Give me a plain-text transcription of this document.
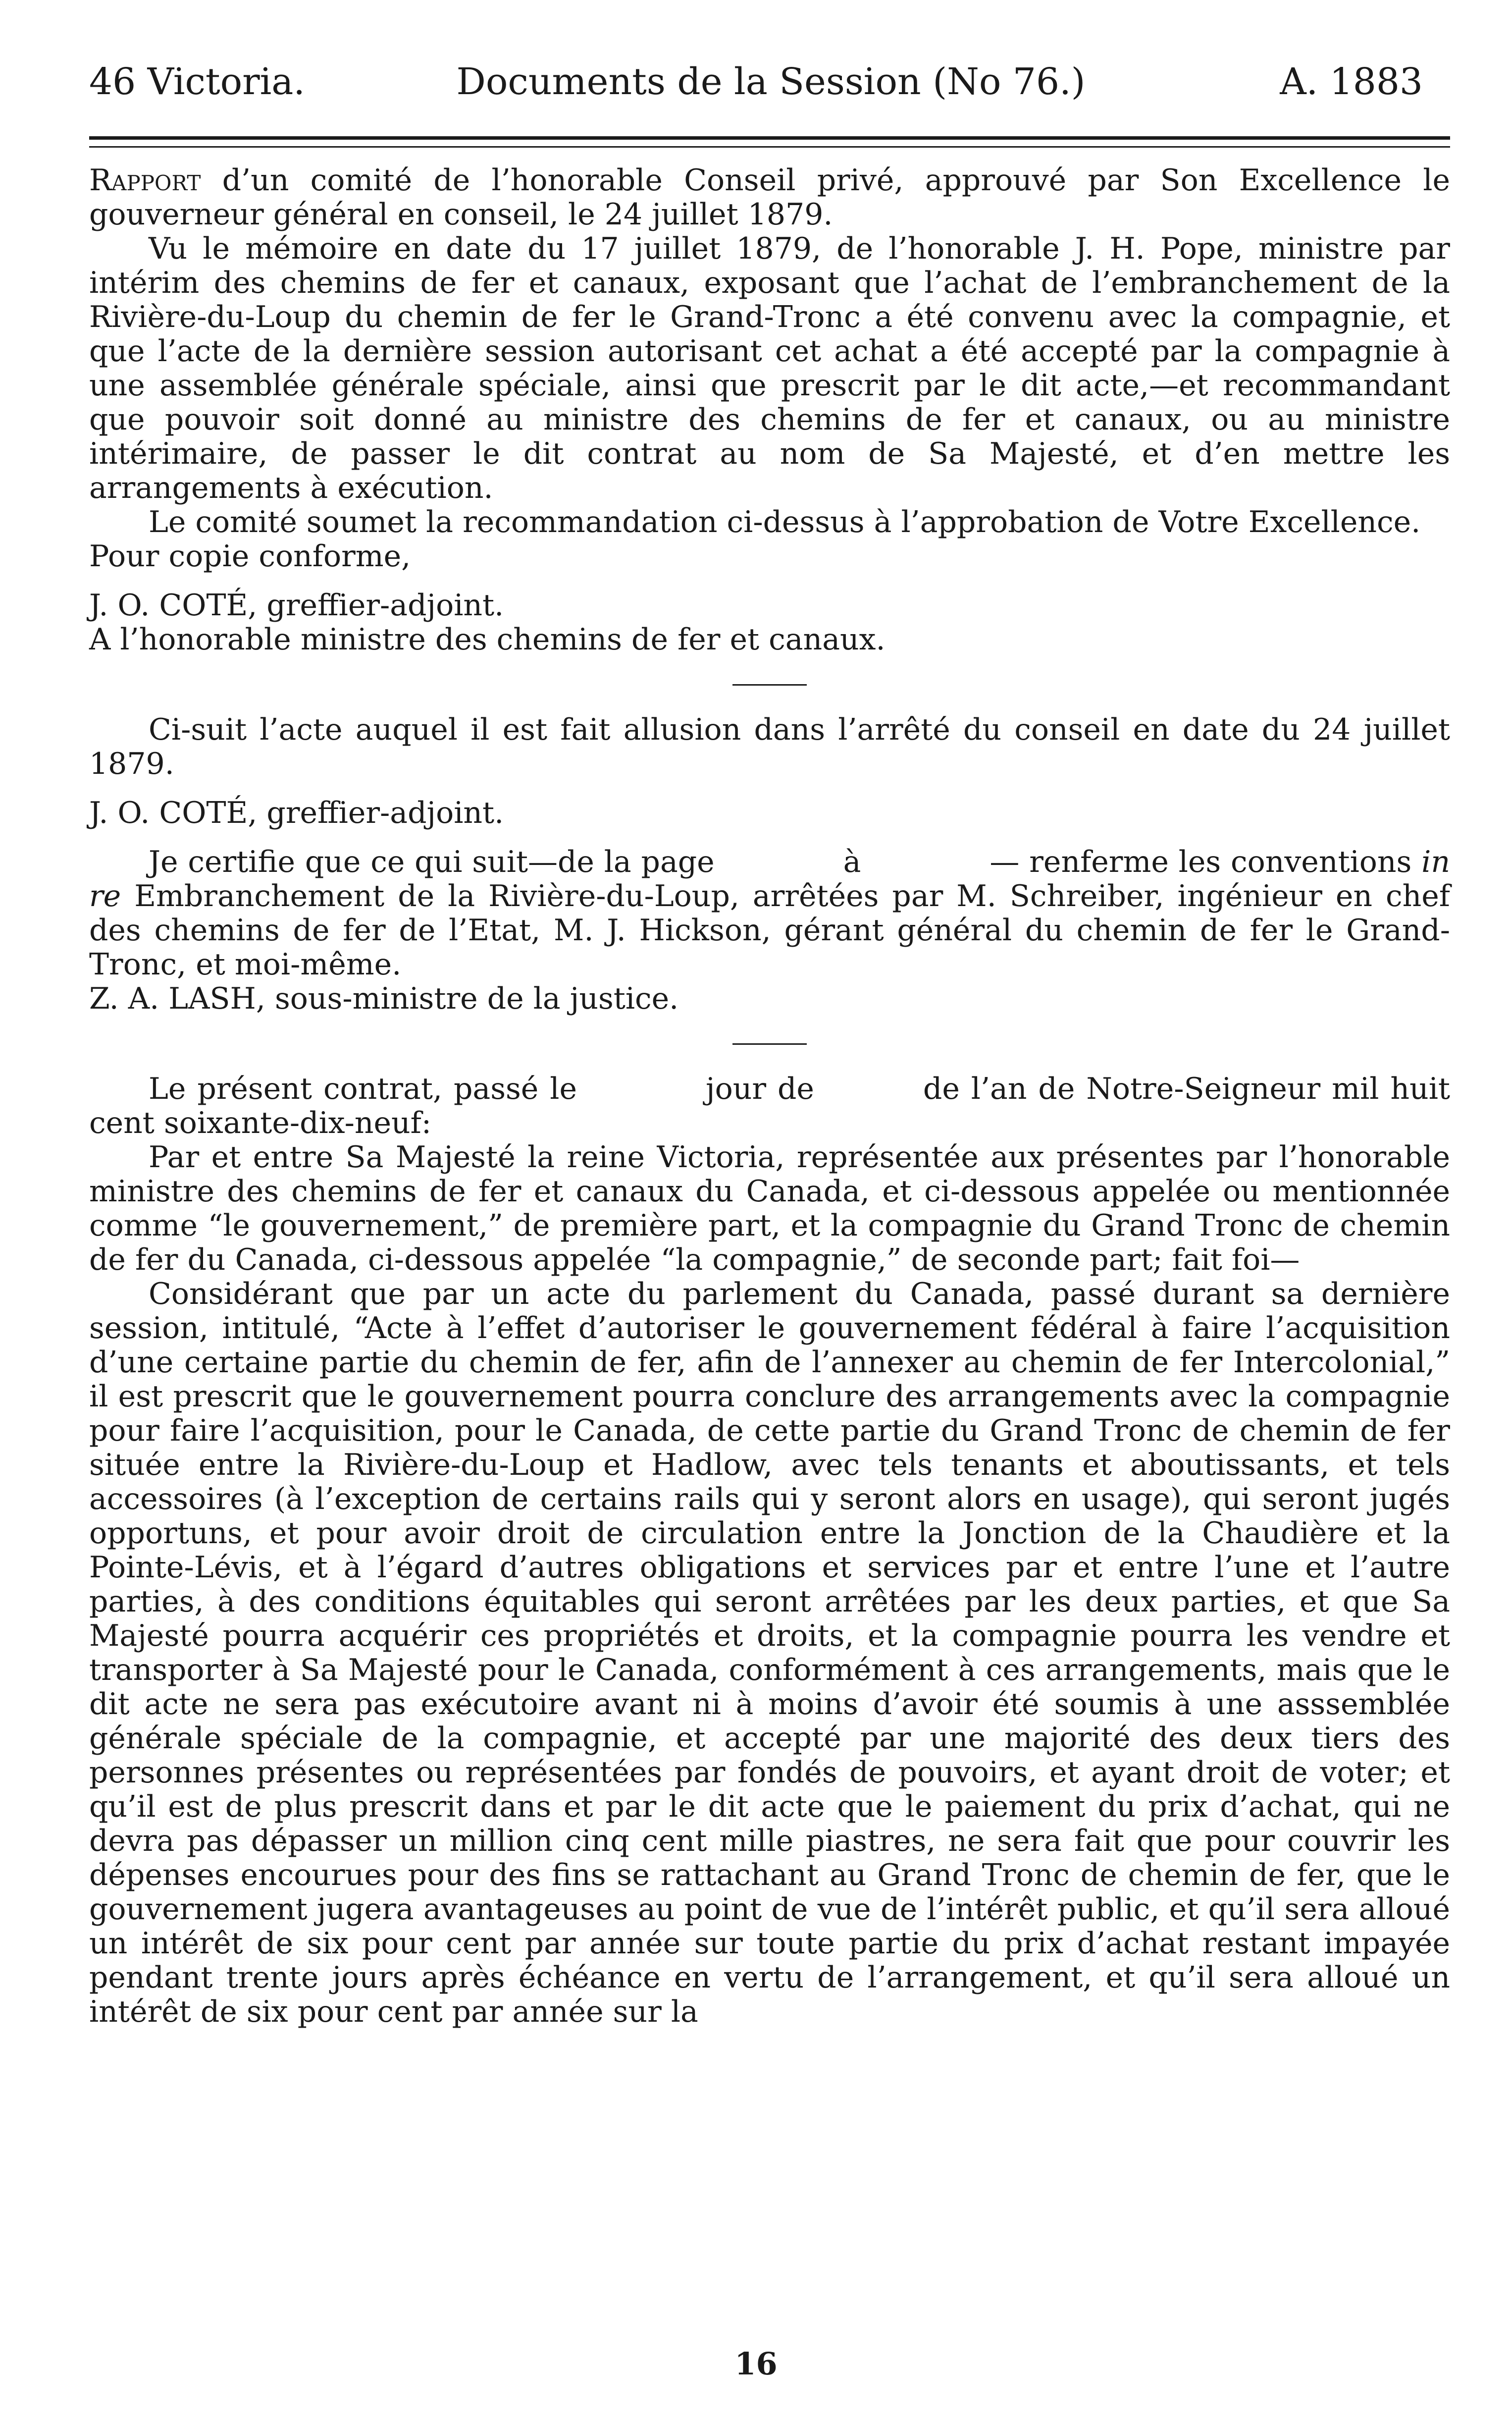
46 Victoria.	Documents de la Session (No 76.)	A. 1883

Rapport d’un comité de l’honorable Conseil privé, approuvé par Son Excellence le gouverneur général en conseil, le 24 juillet 1879.

Vu le mémoire en date du 17 juillet 1879, de l’honorable J. H. Pope, ministre par intérim des chemins de fer et canaux, exposant que l’achat de l’embranchement de la Rivière-du-Loup du chemin de fer le Grand-Tronc a été convenu avec la compagnie, et que l’acte de la dernière session autorisant cet achat a été accepté par la compagnie à une assemblée générale spéciale, ainsi que prescrit par le dit acte,—et recommandant que pouvoir soit donné au ministre des chemins de fer et canaux, ou au ministre intérimaire, de passer le dit contrat au nom de Sa Majesté, et d’en mettre les arrangements à exécution.

Le comité soumet la recommandation ci-dessus à l’approbation de Votre Excellence.

Pour copie conforme,

J. O. COTÉ, greffier-adjoint.

A l’honorable ministre des chemins de fer et canaux.

Ci-suit l’acte auquel il est fait allusion dans l’arrêté du conseil en date du 24 juillet 1879.

J. O. COTÉ, greffier-adjoint.

Je certifie que ce qui suit—de la page	à	— renferme les conventions in re Embranchement de la Rivière-du-Loup, arrêtées par M. Schreiber, ingénieur en chef des chemins de fer de l’Etat, M. J. Hickson, gérant général du chemin de fer le Grand-Tronc, et moi-même.

Z. A. LASH, sous-ministre de la justice.

Le présent contrat, passé le	jour de	de l’an de Notre-Seigneur mil huit cent soixante-dix-neuf:

Par et entre Sa Majesté la reine Victoria, représentée aux présentes par l’honorable ministre des chemins de fer et canaux du Canada, et ci-dessous appelée ou mentionnée comme “le gouvernement,” de première part, et la compagnie du Grand Tronc de chemin de fer du Canada, ci-dessous appelée “la compagnie,” de seconde part; fait foi—

Considérant que par un acte du parlement du Canada, passé durant sa dernière session, intitulé, “Acte à l’effet d’autoriser le gouvernement fédéral à faire l’acquisition d’une certaine partie du chemin de fer, afin de l’annexer au chemin de fer Intercolonial,” il est prescrit que le gouvernement pourra conclure des arrangements avec la compagnie pour faire l’acquisition, pour le Canada, de cette partie du Grand Tronc de chemin de fer située entre la Rivière-du-Loup et Hadlow, avec tels tenants et aboutissants, et tels accessoires (à l’exception de certains rails qui y seront alors en usage), qui seront jugés opportuns, et pour avoir droit de circulation entre la Jonction de la Chaudière et la Pointe-Lévis, et à l’égard d’autres obligations et services par et entre l’une et l’autre parties, à des conditions équitables qui seront arrêtées par les deux parties, et que Sa Majesté pourra acquérir ces propriétés et droits, et la compagnie pourra les vendre et transporter à Sa Majesté pour le Canada, conformément à ces arrangements, mais que le dit acte ne sera pas exécutoire avant ni à moins d’avoir été soumis à une asssemblée générale spéciale de la compagnie, et accepté par une majorité des deux tiers des personnes présentes ou représentées par fondés de pouvoirs, et ayant droit de voter; et qu’il est de plus prescrit dans et par le dit acte que le paiement du prix d’achat, qui ne devra pas dépasser un million cinq cent mille piastres, ne sera fait que pour couvrir les dépenses encourues pour des fins se rattachant au Grand Tronc de chemin de fer, que le gouvernement jugera avantageuses au point de vue de l’intérêt public, et qu’il sera alloué un intérêt de six pour cent par année sur toute partie du prix d’achat restant impayée pendant trente jours après échéance en vertu de l’arrangement, et qu’il sera alloué un intérêt de six pour cent par année sur la

16
